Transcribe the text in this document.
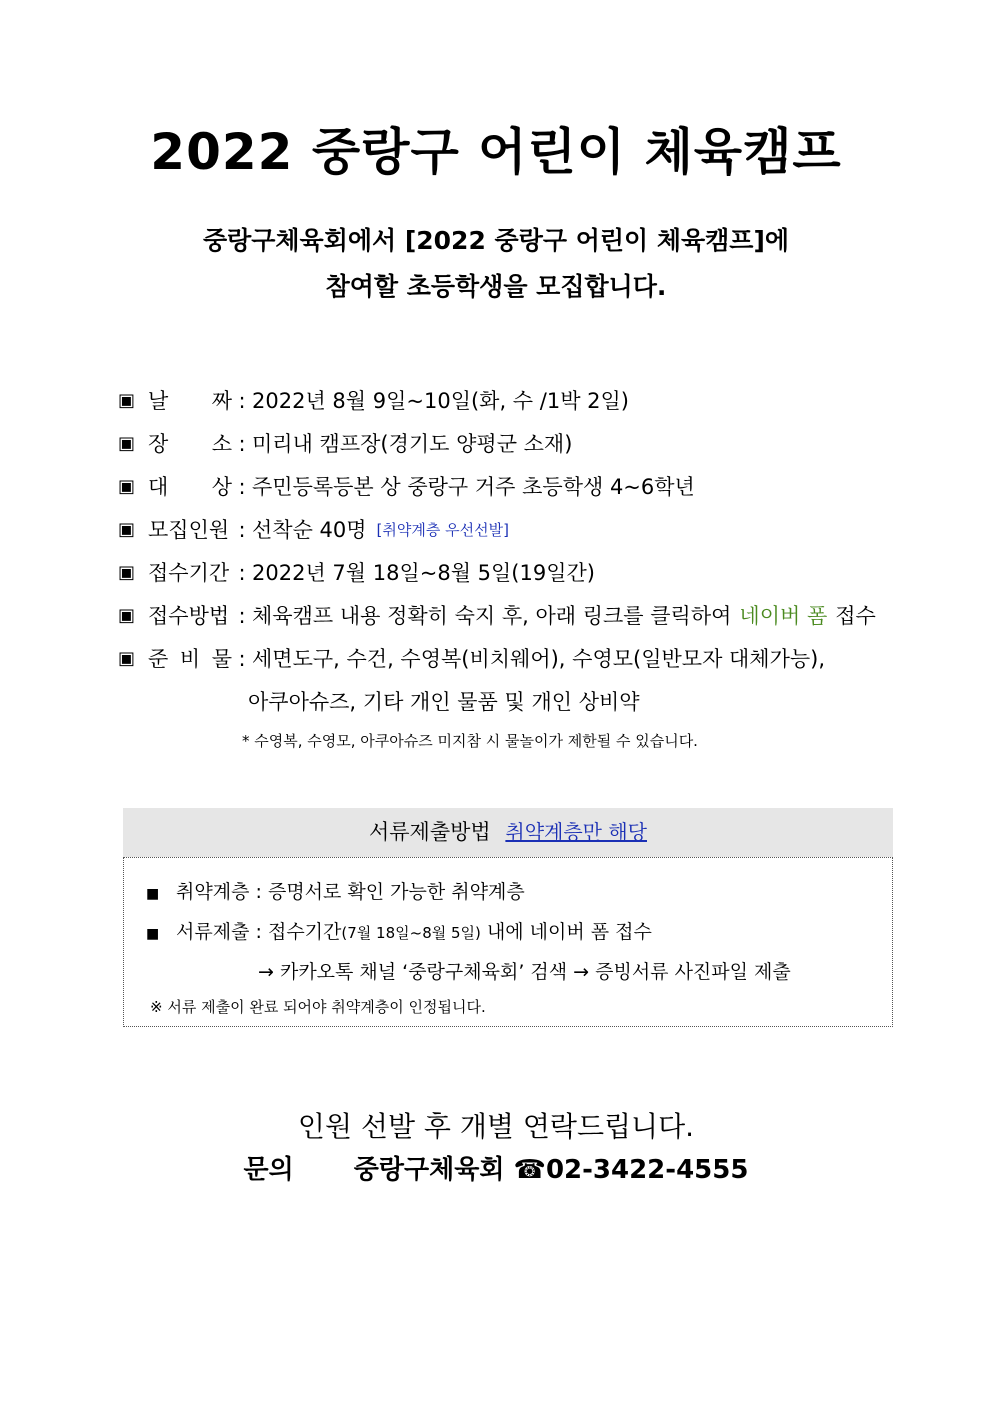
2022 중랑구 어린이 체육캠프
중랑구체육회에서 [2022 중랑구 어린이 체육캠프]에
참여할 초등학생을 모집합니다.
▣ 날 짜 : 2022년 8월 9일~10일(화, 수 /1박 2일)
▣ 장 소 : 미리내 캠프장(경기도 양평군 소재)
▣ 대 상 : 주민등록등본 상 중랑구 거주 초등학생 4~6학년
▣ 모집인원 : 선착순 40명 [취약계층 우선선발]
▣ 접수기간 : 2022년 7월 18일~8월 5일(19일간)
▣ 접수방법 : 체육캠프 내용 정확히 숙지 후, 아래 링크를 클릭하여 네이버 폼 접수
▣ 준 비 물 : 세면도구, 수건, 수영복(비치웨어), 수영모(일반모자 대체가능),
아쿠아슈즈, 기타 개인 물품 및 개인 상비약
* 수영복, 수영모, 아쿠아슈즈 미지참 시 물놀이가 제한될 수 있습니다.
서류제출방법 취약계층만 해당
■ 취약계층 : 증명서로 확인 가능한 취약계층
■ 서류제출 : 접수기간(7월 18일~8월 5일) 내에 네이버 폼 접수
→ 카카오톡 채널 ‘중랑구체육회’ 검색 → 증빙서류 사진파일 제출
※ 서류 제출이 완료 되어야 취약계층이 인정됩니다.
인원 선발 후 개별 연락드립니다.
문의 중랑구체육회 ☎02-3422-4555
